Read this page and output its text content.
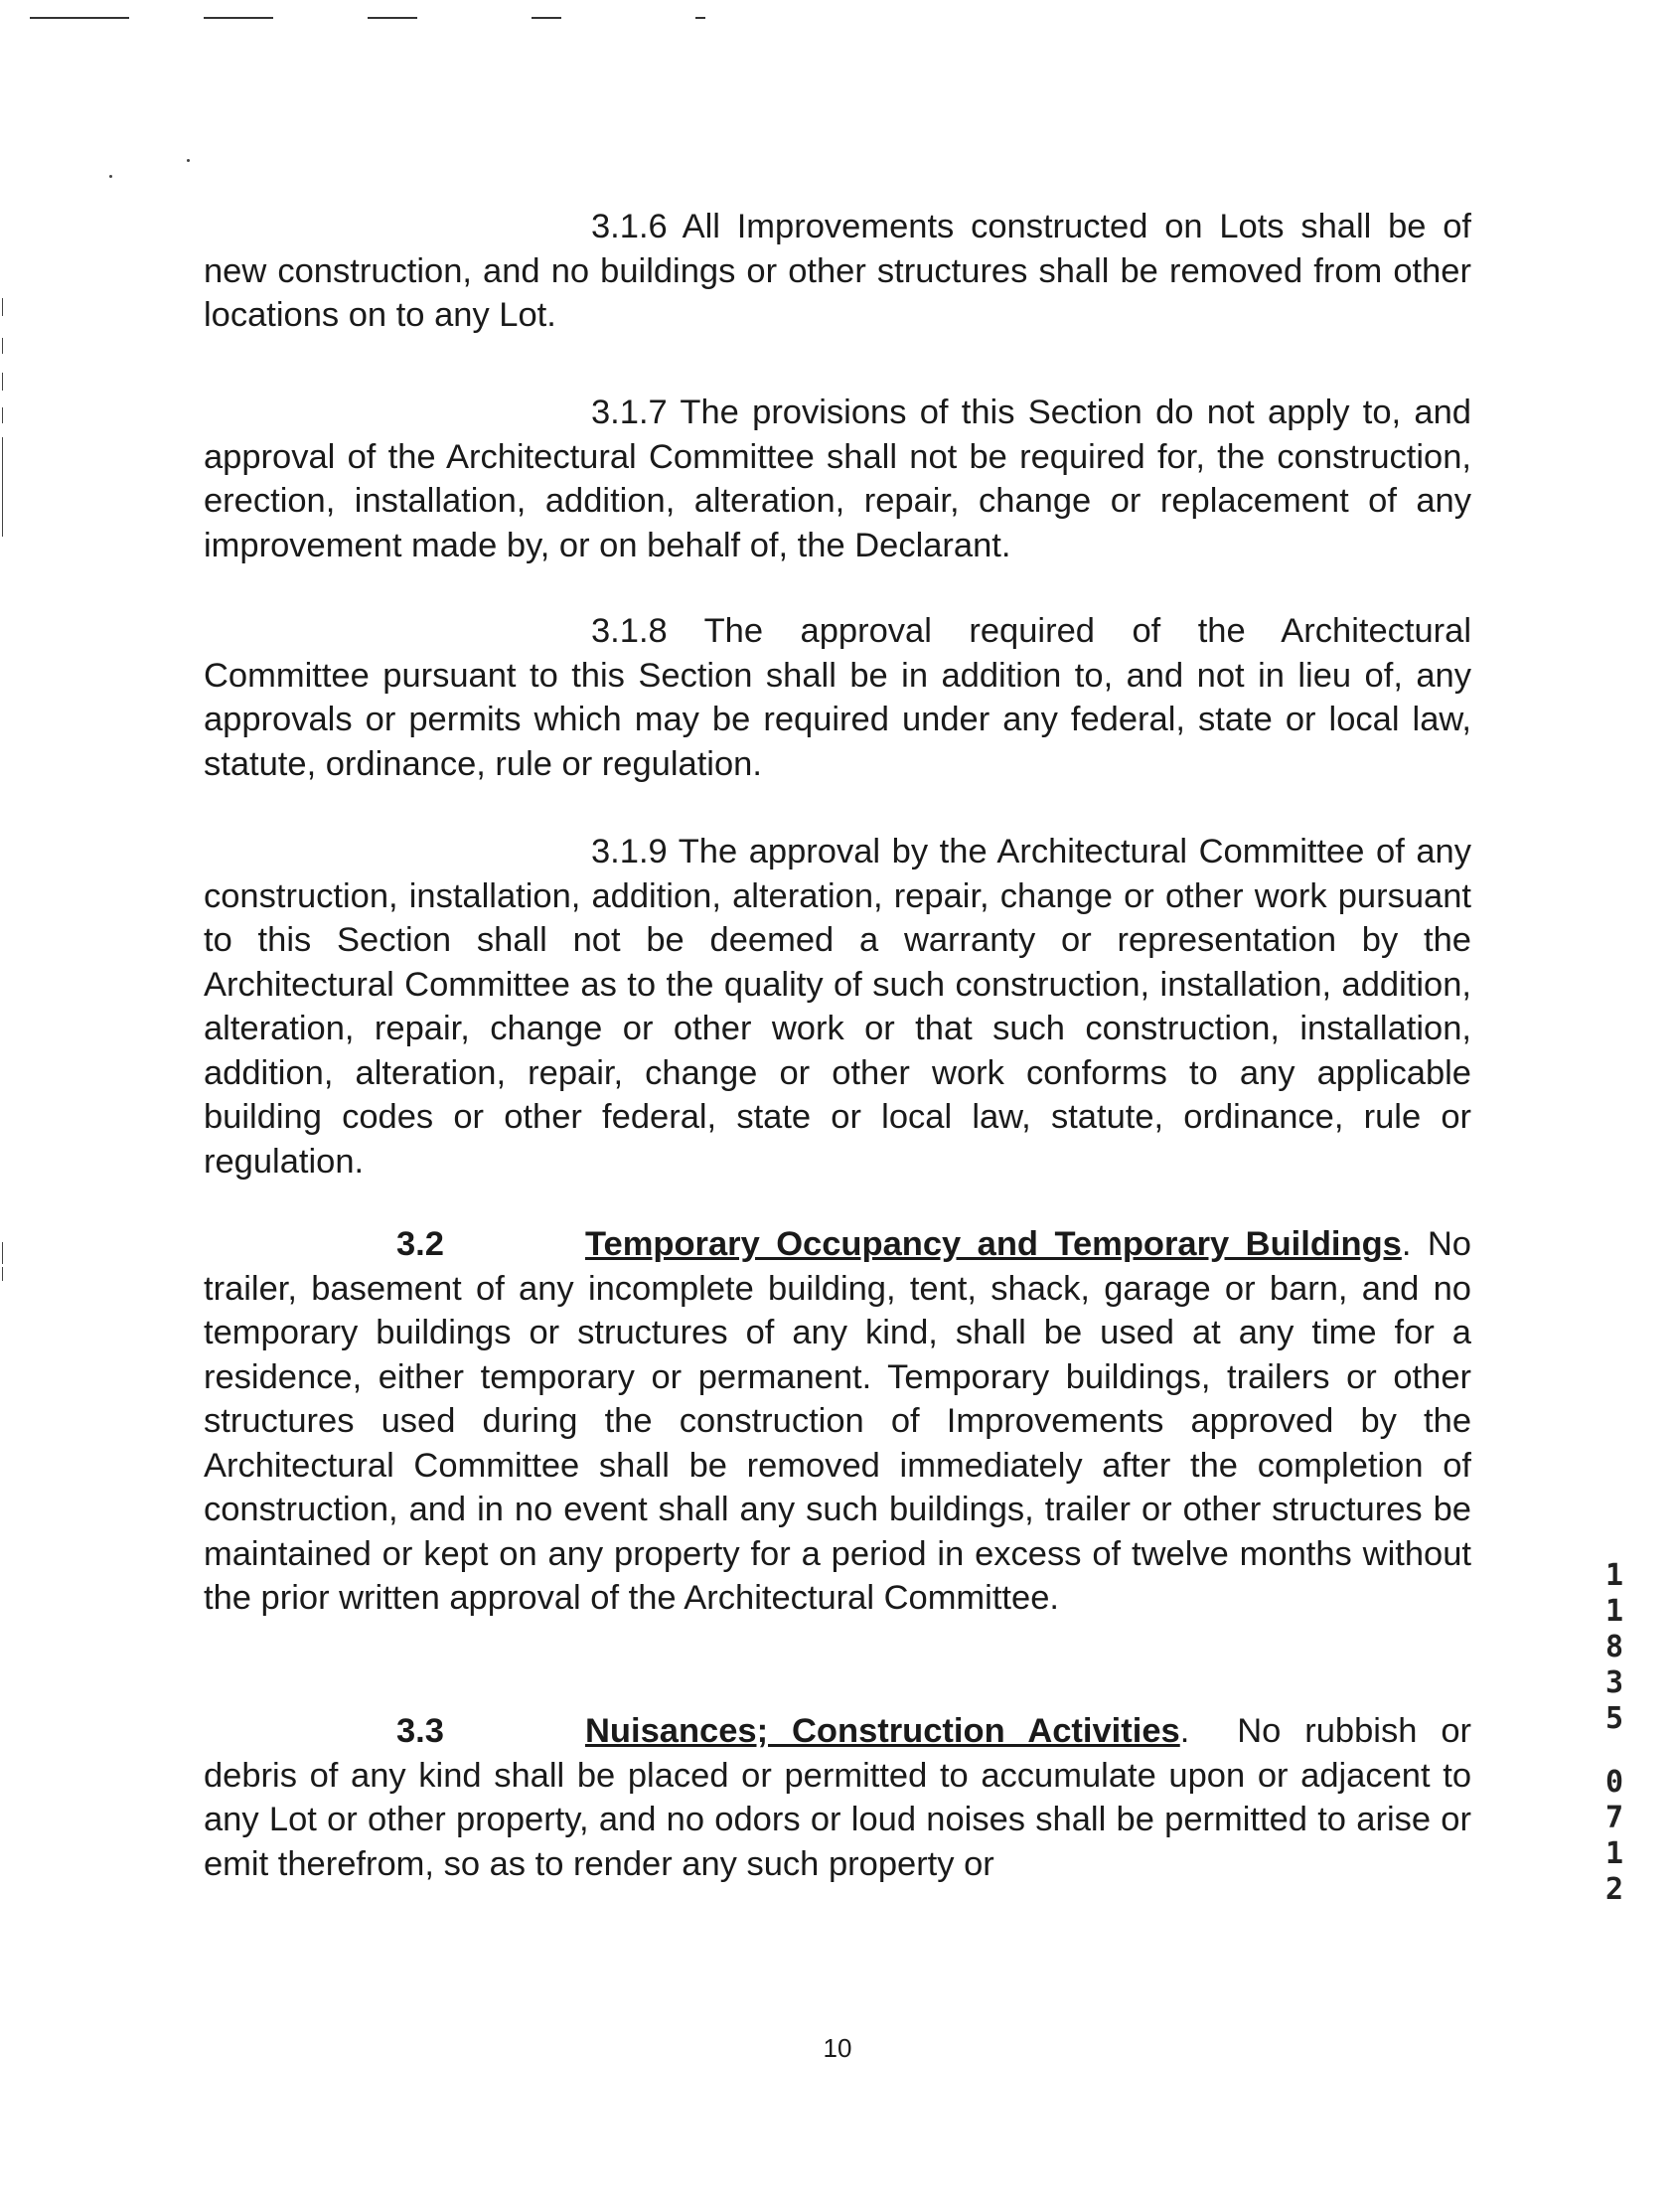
3.1.6 All Improvements constructed on Lots shall be of new construction, and no buildings or other structures shall be removed from other locations on to any Lot.

3.1.7 The provisions of this Section do not apply to, and approval of the Architectural Committee shall not be required for, the construction, erection, installation, addition, alteration, repair, change or replacement of any improvement made by, or on behalf of, the Declarant.

3.1.8 The approval required of the Architectural Committee pursuant to this Section shall be in addition to, and not in lieu of, any approvals or permits which may be required under any federal, state or local law, statute, ordinance, rule or regulation.

3.1.9 The approval by the Architectural Committee of any construction, installation, addition, alteration, repair, change or other work pursuant to this Section shall not be deemed a warranty or representation by the Architectural Committee as to the quality of such construction, installation, addition, alteration, repair, change or other work or that such construction, installation, addition, alteration, repair, change or other work conforms to any applicable building codes or other federal, state or local law, statute, ordinance, rule or regulation.

3.2	Temporary Occupancy and Temporary Buildings. No trailer, basement of any incomplete building, tent, shack, garage or barn, and no temporary buildings or structures of any kind, shall be used at any time for a residence, either temporary or permanent. Temporary buildings, trailers or other structures used during the construction of Improvements approved by the Architectural Committee shall be removed immediately after the completion of construction, and in no event shall any such buildings, trailer or other structures be maintained or kept on any property for a period in excess of twelve months without the prior written approval of the Architectural Committee.

3.3	Nuisances; Construction Activities.  No rubbish or debris of any kind shall be placed or permitted to accumulate upon or adjacent to any Lot or other property, and no odors or loud noises shall be permitted to arise or emit therefrom, so as to render any such property or

10
1
1
8
3
5
0
7
1
2
